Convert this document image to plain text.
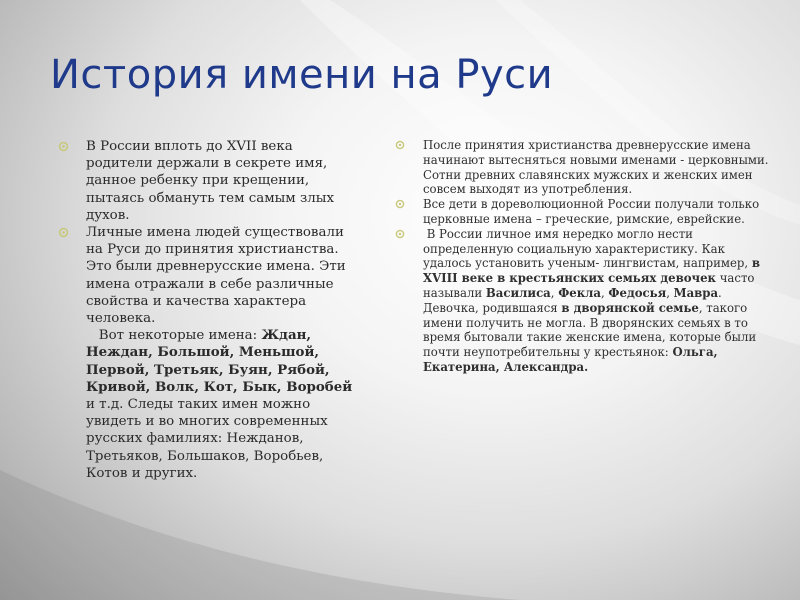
История имени на Руси
В России вплоть до XVII века родители держали в секрете имя, данное ребенку при крещении, пытаясь обмануть тем самым злых духов.
Личные имена людей существовали на Руси до принятия христианства. Это были древнерусские имена. Эти имена отражали в себе различные свойства и качества характера человека.
Вот некоторые имена: Ждан, Неждан, Большой, Меньшой, Первой, Третьяк, Буян, Рябой, Кривой, Волк, Кот, Бык, Воробей и т.д. Следы таких имен можно увидеть и во многих современных русских фамилиях: Нежданов, Третьяков, Большаков, Воробьев, Котов и других.
После принятия христианства древнерусские имена начинают вытесняться новыми именами - церковными. Сотни древних славянских мужских и женских имен совсем выходят из употребления.
Все дети в дореволюционной России получали только церковные имена – греческие, римские, еврейские.
В России личное имя нередко могло нести определенную социальную характеристику. Как удалось установить ученым- лингвистам, например, в XVIII веке в крестьянских семьях девочек часто называли Василиса, Фекла, Федосья, Мавра. Девочка, родившаяся в дворянской семье, такого имени получить не могла. В дворянских семьях в то время бытовали такие женские имена, которые были почти неупотребительны у крестьянок: Ольга, Екатерина, Александра.
